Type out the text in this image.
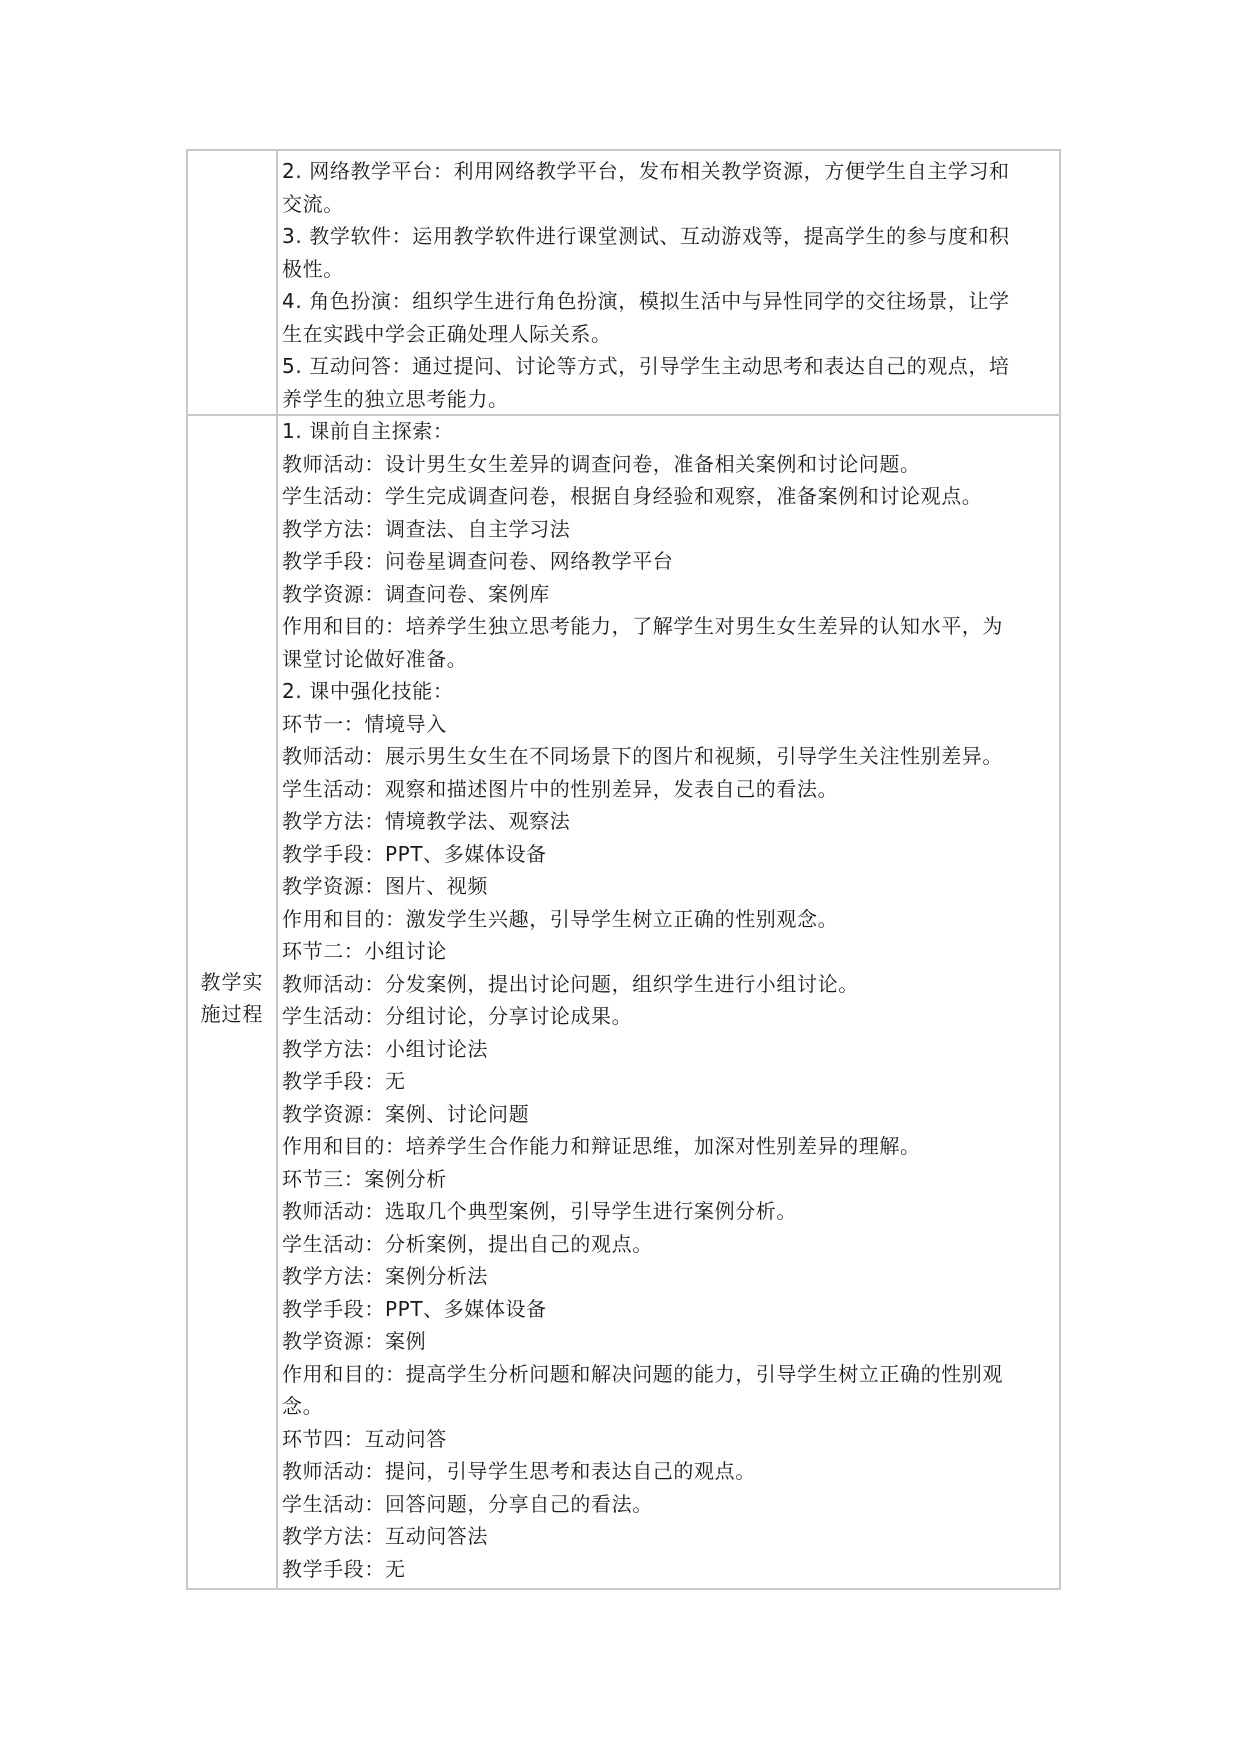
2. 网络教学平台：利用网络教学平台，发布相关教学资源，方便学生自主学习和
交流。
3. 教学软件：运用教学软件进行课堂测试、互动游戏等，提高学生的参与度和积
极性。
4. 角色扮演：组织学生进行角色扮演，模拟生活中与异性同学的交往场景，让学
生在实践中学会正确处理人际关系。
5. 互动问答：通过提问、讨论等方式，引导学生主动思考和表达自己的观点，培
养学生的独立思考能力。
教学实
施过程
1. 课前自主探索：
教师活动：设计男生女生差异的调查问卷，准备相关案例和讨论问题。
学生活动：学生完成调查问卷，根据自身经验和观察，准备案例和讨论观点。
教学方法：调查法、自主学习法
教学手段：问卷星调查问卷、网络教学平台
教学资源：调查问卷、案例库
作用和目的：培养学生独立思考能力，了解学生对男生女生差异的认知水平，为
课堂讨论做好准备。
2. 课中强化技能：
环节一：情境导入
教师活动：展示男生女生在不同场景下的图片和视频，引导学生关注性别差异。
学生活动：观察和描述图片中的性别差异，发表自己的看法。
教学方法：情境教学法、观察法
教学手段：PPT、多媒体设备
教学资源：图片、视频
作用和目的：激发学生兴趣，引导学生树立正确的性别观念。
环节二：小组讨论
教师活动：分发案例，提出讨论问题，组织学生进行小组讨论。
学生活动：分组讨论，分享讨论成果。
教学方法：小组讨论法
教学手段：无
教学资源：案例、讨论问题
作用和目的：培养学生合作能力和辩证思维，加深对性别差异的理解。
环节三：案例分析
教师活动：选取几个典型案例，引导学生进行案例分析。
学生活动：分析案例，提出自己的观点。
教学方法：案例分析法
教学手段：PPT、多媒体设备
教学资源：案例
作用和目的：提高学生分析问题和解决问题的能力，引导学生树立正确的性别观
念。
环节四：互动问答
教师活动：提问，引导学生思考和表达自己的观点。
学生活动：回答问题，分享自己的看法。
教学方法：互动问答法
教学手段：无
